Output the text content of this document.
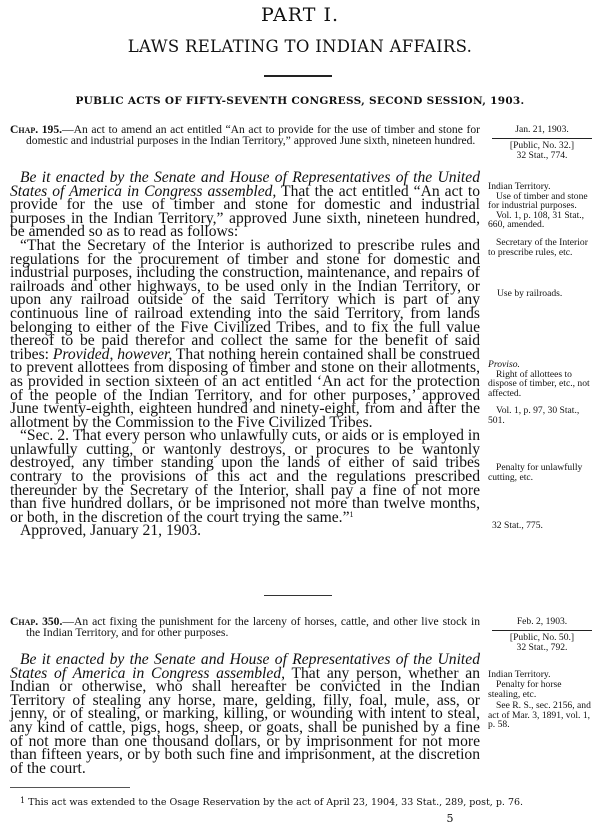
PART I.
LAWS RELATING TO INDIAN AFFAIRS.
PUBLIC ACTS OF FIFTY-SEVENTH CONGRESS, SECOND SESSION, 1903.
Chap. 195.—An act to amend an act entitled “An act to provide for the use of timber and stone for domestic and industrial purposes in the Indian Territory,” approved June sixth, nineteen hundred.
Jan. 21, 1903.
[Public, No. 32.]
32 Stat., 774.

Be it enacted by the Senate and House of Representatives of the United States of America in Congress assembled, That the act entitled “An act to provide for the use of timber and stone for domestic and industrial purposes in the Indian Territory,” approved June sixth, nineteen hundred, be amended so as to read as follows:

“That the Secretary of the Interior is authorized to prescribe rules and regulations for the procurement of timber and stone for domestic and industrial purposes, including the construction, maintenance, and repairs of railroads and other highways, to be used only in the Indian Territory, or upon any railroad outside of the said Territory which is part of any continuous line of railroad extending into the said Territory, from lands belonging to either of the Five Civilized Tribes, and to fix the full value thereof to be paid therefor and collect the same for the benefit of said tribes: Provided, however, That nothing herein contained shall be construed to prevent allottees from disposing of timber and stone on their allotments, as provided in section sixteen of an act entitled ‘An act for the protection of the people of the Indian Territory, and for other purposes,’ approved June twenty-eighth, eighteen hundred and ninety-eight, from and after the allotment by the Commission to the Five Civilized Tribes.

“Sec. 2. That every person who unlawfully cuts, or aids or is employed in unlawfully cutting, or wantonly destroys, or procures to be wantonly destroyed, any timber standing upon the lands of either of said tribes contrary to the provisions of this act and the regulations prescribed thereunder by the Secretary of the Interior, shall pay a fine of not more than five hundred dollars, or be imprisoned not more than twelve months, or both, in the discretion of the court trying the same.”$^1$

Approved, January 21, 1903.

Indian Territory.
Use of timber and stone for industrial purposes.
Vol. 1, p. 108, 31 Stat., 660, amended.
Secretary of the Interior to prescribe rules, etc.
Use by railroads.
Proviso.
Right of allottees to dispose of timber, etc., not affected.
Vol. 1, p. 97, 30 Stat., 501.
Penalty for unlawfully cutting, etc.
32 Stat., 775.
Chap. 350.—An act fixing the punishment for the larceny of horses, cattle, and other live stock in the Indian Territory, and for other purposes.
Feb. 2, 1903.
[Public, No. 50.]
32 Stat., 792.

Be it enacted by the Senate and House of Representatives of the United States of America in Congress assembled, That any person, whether an Indian or otherwise, who shall hereafter be convicted in the Indian Territory of stealing any horse, mare, gelding, filly, foal, mule, ass, or jenny, or of stealing, or marking, killing, or wounding with intent to steal, any kind of cattle, pigs, hogs, sheep, or goats, shall be punished by a fine of not more than one thousand dollars, or by imprisonment for not more than fifteen years, or by both such fine and imprisonment, at the discretion of the court.

Indian Territory.
Penalty for horse stealing, etc.
See R. S., sec. 2156, and act of Mar. 3, 1891, vol. 1, p. 58.
$^1$ This act was extended to the Osage Reservation by the act of April 23, 1904, 33 Stat., 289, post, p. 76.
5
